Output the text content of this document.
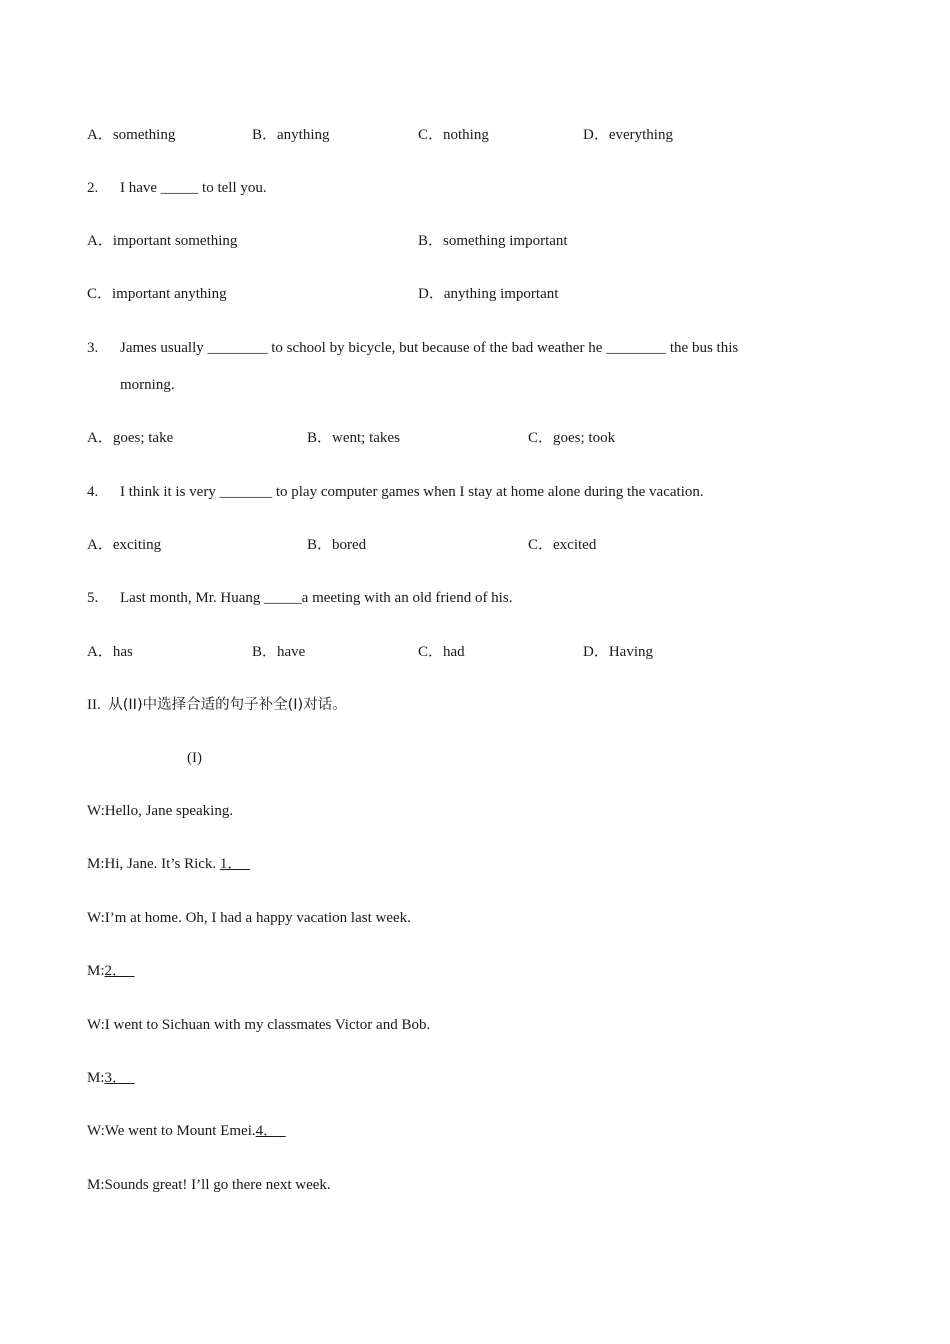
A．something	B．anything	C．nothing	D．everything
2. I have _____ to tell you.
A．important something	B．something important
C．important anything	D．anything important
3. James usually ________ to school by bicycle, but because of the bad weather he ________ the bus this
morning.
A．goes; take	B．went; takes	C．goes; took
4. I think it is very _______ to play computer games when I stay at home alone during the vacation.
A．exciting	B．bored	C．excited
5. Last month, Mr. Huang _____a meeting with an old friend of his.
A．has	B．have	C．had	D．Having
II. 从(II)中选择合适的句子补全(I)对话。
(I)
W:Hello, Jane speaking.
M:Hi, Jane. It’s Rick. 1．
W:I’m at home. Oh, I had a happy vacation last week.
M:2．
W:I went to Sichuan with my classmates Victor and Bob.
M:3．
W:We went to Mount Emei.4．
M:Sounds great! I’ll go there next week.
